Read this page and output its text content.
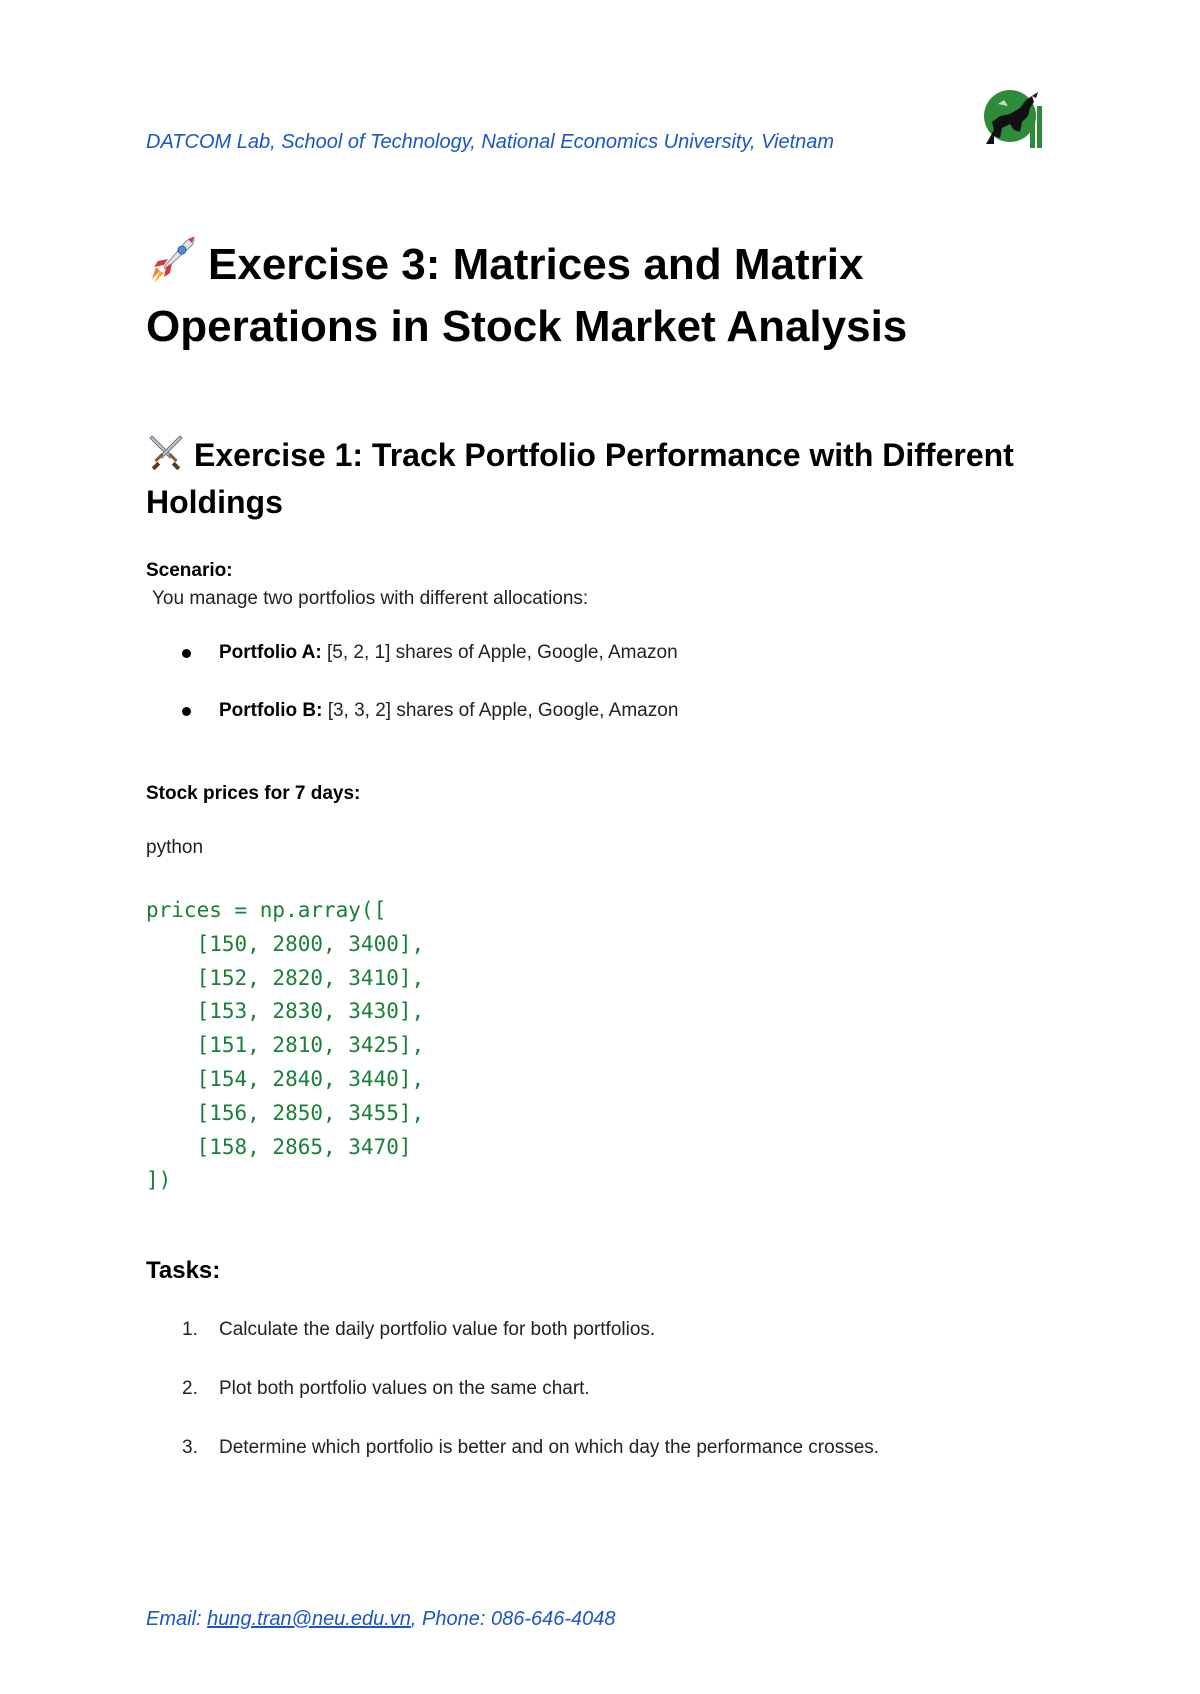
DATCOM Lab, School of Technology, National Economics University, Vietnam
Exercise 3: Matrices and Matrix Operations in Stock Market Analysis
Exercise 1: Track Portfolio Performance with Different Holdings
Scenario:
You manage two portfolios with different allocations:
Portfolio A: [5, 2, 1] shares of Apple, Google, Amazon
Portfolio B: [3, 3, 2] shares of Apple, Google, Amazon
Stock prices for 7 days:
python
prices = np.array([
[150, 2800, 3400],
[152, 2820, 3410],
[153, 2830, 3430],
[151, 2810, 3425],
[154, 2840, 3440],
[156, 2850, 3455],
[158, 2865, 3470]
])
Tasks:
1. Calculate the daily portfolio value for both portfolios.
2. Plot both portfolio values on the same chart.
3. Determine which portfolio is better and on which day the performance crosses.
Email: hung.tran@neu.edu.vn, Phone: 086-646-4048
